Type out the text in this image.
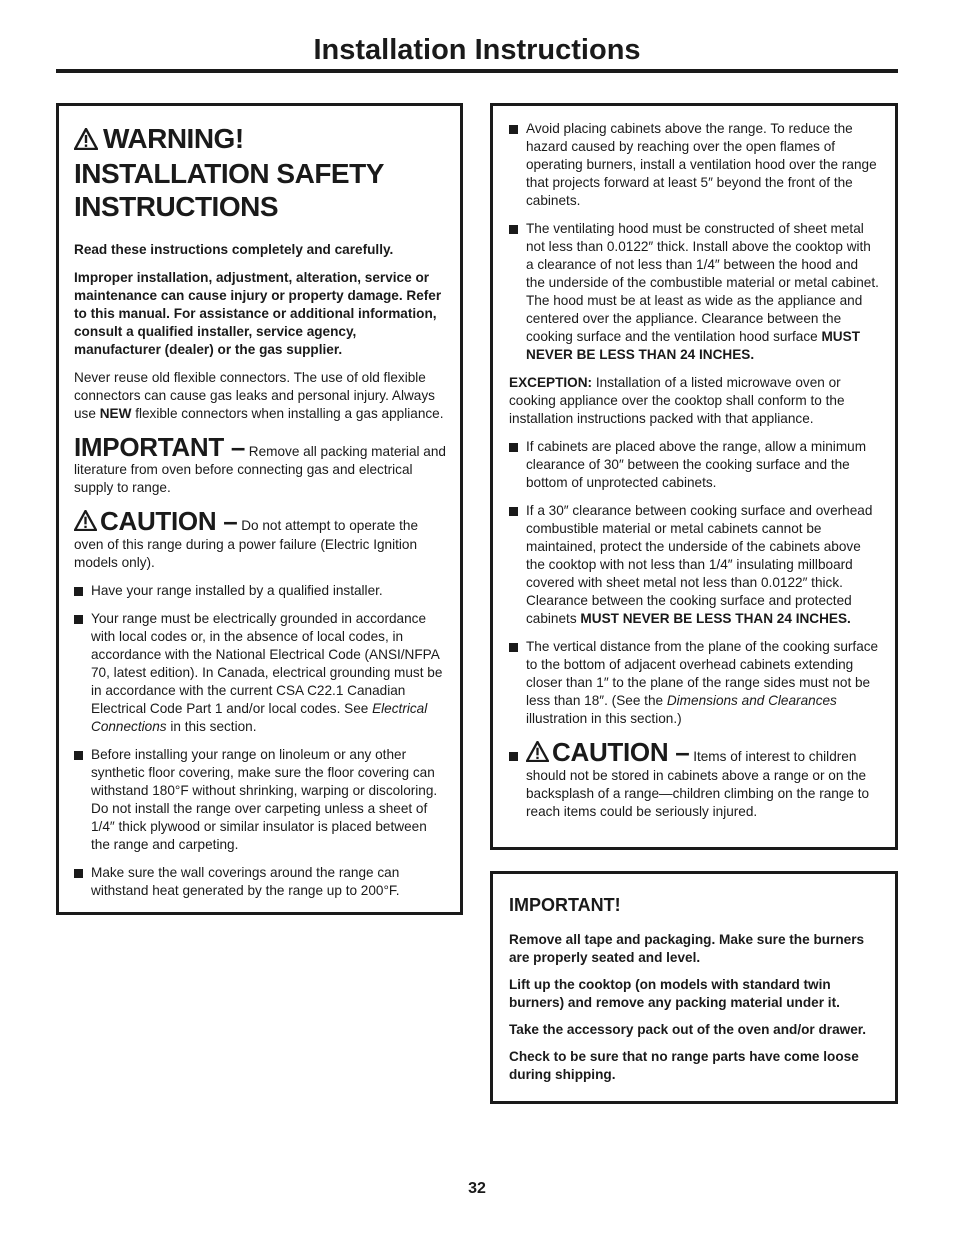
Installation Instructions
WARNING!
INSTALLATION SAFETY
INSTRUCTIONS

Read these instructions completely and carefully.

Improper installation, adjustment, alteration, service or maintenance can cause injury or property damage. Refer to this manual. For assistance or additional information, consult a qualified installer, service agency, manufacturer (dealer) or the gas supplier.

Never reuse old flexible connectors. The use of old flexible connectors can cause gas leaks and personal injury. Always use NEW flexible connectors when installing a gas appliance.

IMPORTANT – Remove all packing material and literature from oven before connecting gas and electrical supply to range.
CAUTION – Do not attempt to operate the oven of this range during a power failure (Electric Ignition models only).
Have your range installed by a qualified installer.
Your range must be electrically grounded in accordance with local codes or, in the absence of local codes, in accordance with the National Electrical Code (ANSI/NFPA 70, latest edition). In Canada, electrical grounding must be in accordance with the current CSA C22.1 Canadian Electrical Code Part 1 and/or local codes. See Electrical Connections in this section.
Before installing your range on linoleum or any other synthetic floor covering, make sure the floor covering can withstand 180°F without shrinking, warping or discoloring. Do not install the range over carpeting unless a sheet of 1/4″ thick plywood or similar insulator is placed between the range and carpeting.
Make sure the wall coverings around the range can withstand heat generated by the range up to 200°F.
Avoid placing cabinets above the range. To reduce the hazard caused by reaching over the open flames of operating burners, install a ventilation hood over the range that projects forward at least 5″ beyond the front of the cabinets.
The ventilating hood must be constructed of sheet metal not less than 0.0122″ thick. Install above the cooktop with a clearance of not less than 1/4″ between the hood and the underside of the combustible material or metal cabinet. The hood must be at least as wide as the appliance and centered over the appliance. Clearance between the cooking surface and the ventilation hood surface MUST NEVER BE LESS THAN 24 INCHES.

EXCEPTION: Installation of a listed microwave oven or cooking appliance over the cooktop shall conform to the installation instructions packed with that appliance.

If cabinets are placed above the range, allow a minimum clearance of 30″ between the cooking surface and the bottom of unprotected cabinets.
If a 30″ clearance between cooking surface and overhead combustible material or metal cabinets cannot be maintained, protect the underside of the cabinets above the cooktop with not less than 1/4″ insulating millboard covered with sheet metal not less than 0.0122″ thick. Clearance between the cooking surface and protected cabinets MUST NEVER BE LESS THAN 24 INCHES.
The vertical distance from the plane of the cooking surface to the bottom of adjacent overhead cabinets extending closer than 1″ to the plane of the range sides must not be less than 18″. (See the Dimensions and Clearances illustration in this section.)
CAUTION – Items of interest to children should not be stored in cabinets above a range or on the backsplash of a range—children climbing on the range to reach items could be seriously injured.
IMPORTANT!

Remove all tape and packaging. Make sure the burners are properly seated and level.

Lift up the cooktop (on models with standard twin burners) and remove any packing material under it.

Take the accessory pack out of the oven and/or drawer.

Check to be sure that no range parts have come loose during shipping.

32
